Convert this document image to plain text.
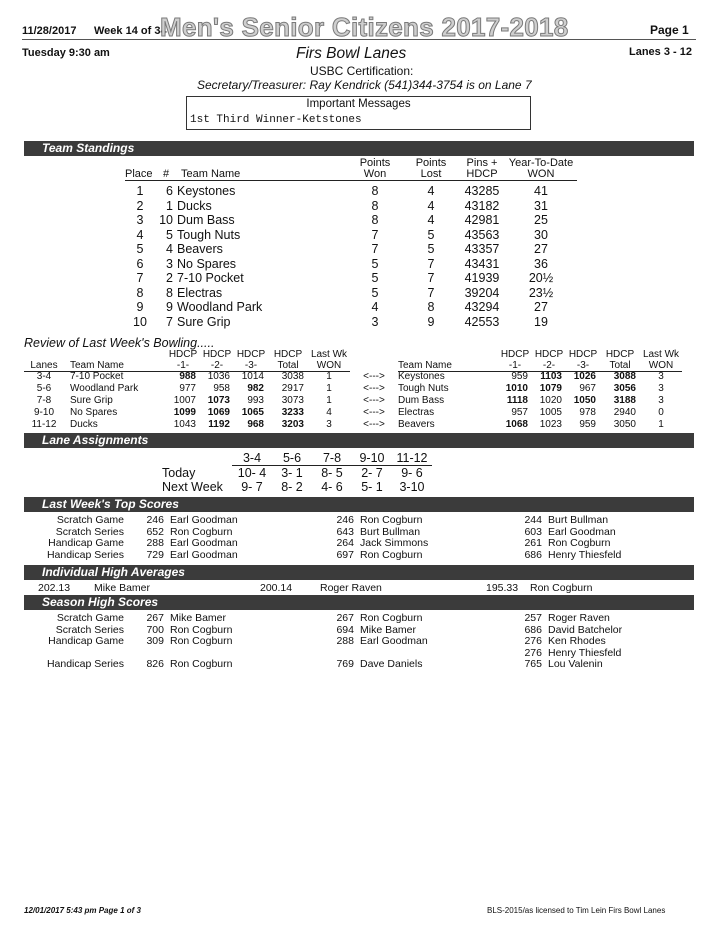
11/28/2017 Week 14 of 34
Men's Senior Citizens 2017-2018	Page 1
Tuesday 9:30 am	Firs Bowl Lanes	Lanes 3 - 12
USBC Certification:
Secretary/Treasurer: Ray Kendrick (541)344-3754 is on Lane 7
Important Messages
1st Third Winner-Ketstones
Team Standings
			Points	Points	Pins +	Year-To-Date
Place	#	Team Name	Won	Lost	HDCP	WON
1	6	Keystones	8	4	43285	41
2	1	Ducks	8	4	43182	31
3	10	Dum Bass	8	4	42981	25
4	5	Tough Nuts	7	5	43563	30
5	4	Beavers	7	5	43357	27
6	3	No Spares	5	7	43431	36
7	2	7-10 Pocket	5	7	41939	20½
8	8	Electras	5	7	39204	23½
9	9	Woodland Park	4	8	43294	27
10	7	Sure Grip	3	9	42553	19
Review of Last Week's Bowling.....
		HDCP	HDCP	HDCP	HDCP	Last Wk			HDCP	HDCP	HDCP	HDCP	Last Wk
Lanes	Team Name	-1-	-2-	-3-	Total	WON		Team Name	-1-	-2-	-3-	Total	WON
3-4	7-10 Pocket	988	1036	1014	3038	1	<--->	Keystones	959	1103	1026	3088	3
5-6	Woodland Park	977	958	982	2917	1	<--->	Tough Nuts	1010	1079	967	3056	3
7-8	Sure Grip	1007	1073	993	3073	1	<--->	Dum Bass	1118	1020	1050	3188	3
9-10	No Spares	1099	1069	1065	3233	4	<--->	Electras	957	1005	978	2940	0
11-12	Ducks	1043	1192	968	3203	3	<--->	Beavers	1068	1023	959	3050	1
Lane Assignments
	3-4	5-6	7-8	9-10	11-12
Today	10- 4	3- 1	8- 5	2- 7	9- 6
Next Week	9- 7	8- 2	4- 6	5- 1	3-10
Last Week's Top Scores
Scratch Game	246 Earl Goodman	246 Ron Cogburn	244 Burt Bullman
Scratch Series	652 Ron Cogburn	643 Burt Bullman	603 Earl Goodman
Handicap Game	288 Earl Goodman	264 Jack Simmons	261 Ron Cogburn
Handicap Series	729 Earl Goodman	697 Ron Cogburn	686 Henry Thiesfeld
Individual High Averages
202.13 Mike Bamer	200.14	Roger Raven	195.33 Ron Cogburn
Season High Scores
Scratch Game	267 Mike Bamer	267 Ron Cogburn	257 Roger Raven
Scratch Series	700 Ron Cogburn	694 Mike Bamer	686 David Batchelor
Handicap Game	309 Ron Cogburn	288 Earl Goodman	276 Ken Rhodes
276 Henry Thiesfeld
Handicap Series	826 Ron Cogburn	769 Dave Daniels	765 Lou Valenin
12/01/2017 5:43 pm Page 1 of 3	BLS-2015/as licensed to Tim Lein Firs Bowl Lanes
